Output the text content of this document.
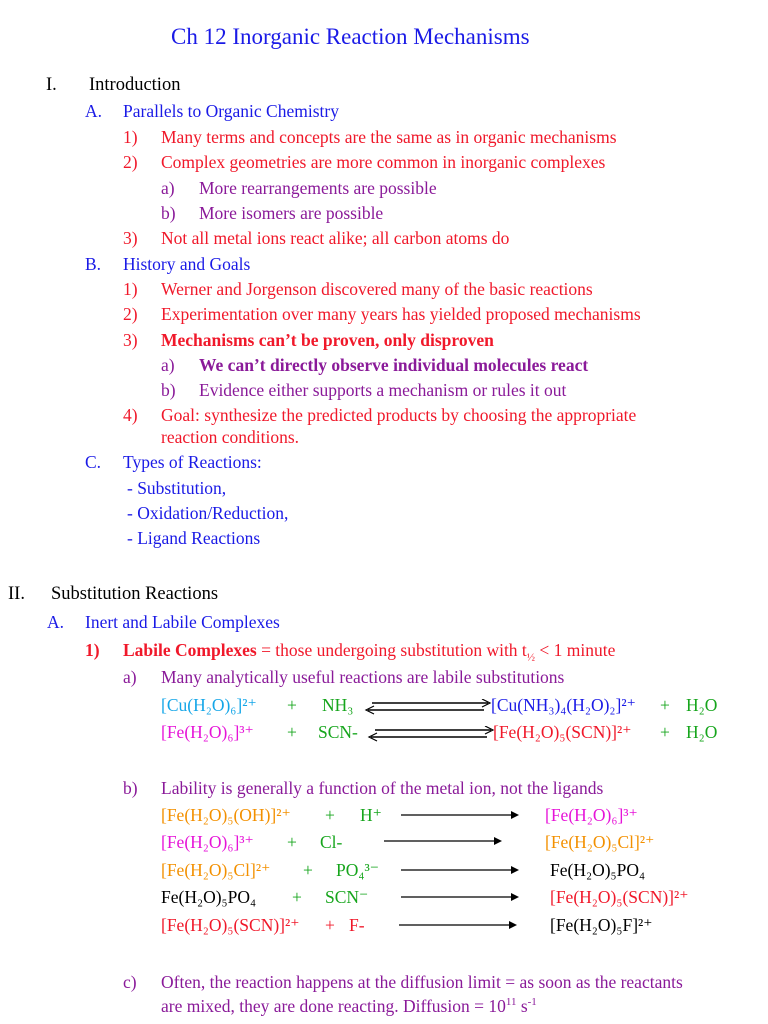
Ch 12 Inorganic Reaction Mechanisms
I. Introduction
A. Parallels to Organic Chemistry
1) Many terms and concepts are the same as in organic mechanisms
2) Complex geometries are more common in inorganic complexes
a) More rearrangements are possible
b) More isomers are possible
3) Not all metal ions react alike; all carbon atoms do
B. History and Goals
1) Werner and Jorgenson discovered many of the basic reactions
2) Experimentation over many years has yielded proposed mechanisms
3) Mechanisms can’t be proven, only disproven
a) We can’t directly observe individual molecules react
b) Evidence either supports a mechanism or rules it out
4) Goal: synthesize the predicted products by choosing the appropriate
reaction conditions.
C. Types of Reactions:
- Substitution,
- Oxidation/Reduction,
- Ligand Reactions
II. Substitution Reactions
A. Inert and Labile Complexes
1) Labile Complexes = those undergoing substitution with $t_{\frac{1}{2}} < 1$ minute
a) Many analytically useful reactions are labile substitutions
[Cu(H₂O)₆]²⁺ + NH₃	[Cu(NH₃)₄(H₂O)₂]²⁺ + H₂O
[Fe(H₂O)₆]³⁺ + SCN-	[Fe(H₂O)₅(SCN)]²⁺ + H₂O
b) Lability is generally a function of the metal ion, not the ligands
[Fe(H₂O)₅(OH)]²⁺ + H⁺	[Fe(H₂O)₆]³⁺
[Fe(H₂O)₆]³⁺ + Cl-	[Fe(H₂O)₅Cl]²⁺
[Fe(H₂O)₅Cl]²⁺ + PO₄³⁻	Fe(H₂O)₅PO₄
Fe(H₂O)₅PO₄ + SCN⁻	[Fe(H₂O)₅(SCN)]²⁺
[Fe(H₂O)₅(SCN)]²⁺ + F-	[Fe(H₂O)₅F]²⁺
c) Often, the reaction happens at the diffusion limit = as soon as the reactants
are mixed, they are done reacting. Diffusion = $10^{11}$ $s^{-1}$
